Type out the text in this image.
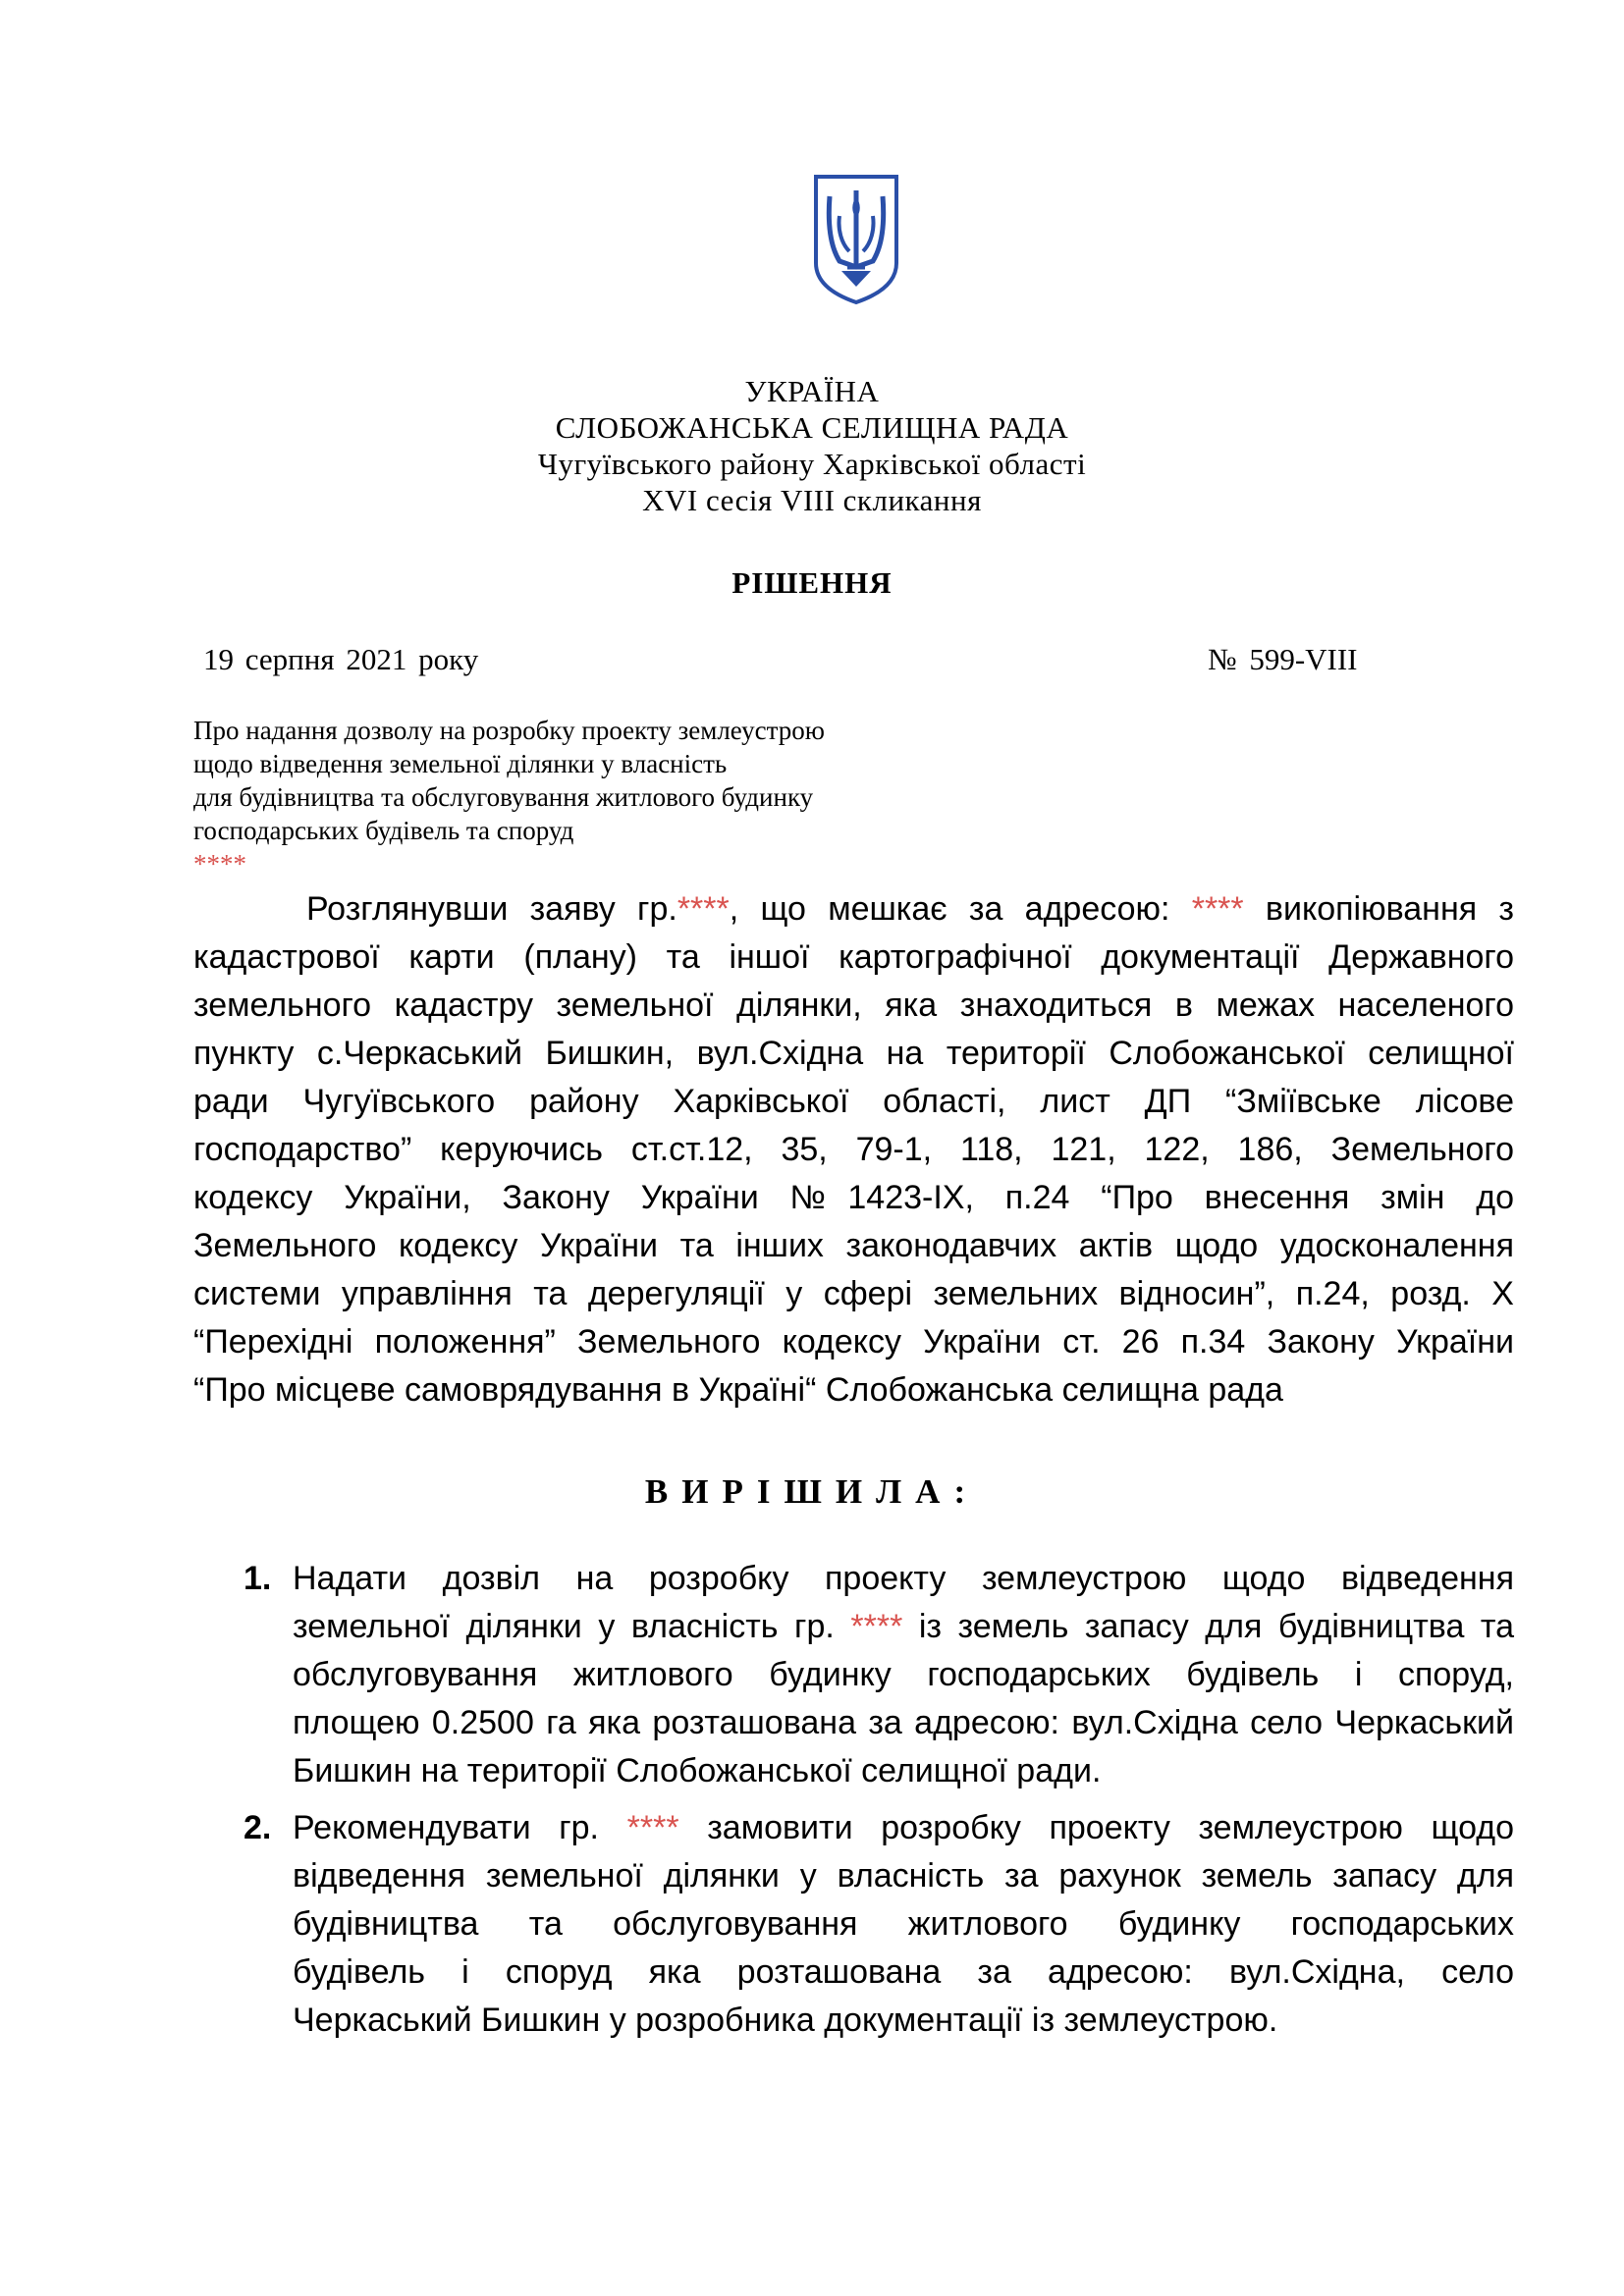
УКРАЇНА
СЛОБОЖАНСЬКА СЕЛИЩНА РАДА
Чугуївського району Харківської області
XVI сесія VIII скликання
РІШЕННЯ
19 серпня 2021 року	№ 599-VIII
Про надання дозволу на розробку проекту землеустрою
щодо відведення земельної ділянки у власність
для будівництва та обслуговування житлового будинку
господарських будівель та споруд
****
Розглянувши заяву гр.****, що мешкає за адресою: **** викопіювання з
кадастрової карти (плану) та іншої картографічної документації Державного
земельного кадастру земельної ділянки, яка знаходиться в межах населеного
пункту с.Черкаський Бишкин, вул.Східна на території Слобожанської селищної
ради Чугуївського району Харківської області, лист ДП “Зміївське лісове
господарство” керуючись ст.ст.12, 35, 79-1, 118, 121, 122, 186, Земельного
кодексу України, Закону України №1423-IX, п.24 “Про внесення змін до
Земельного кодексу України та інших законодавчих актів щодо удосконалення
системи управління та дерегуляції у сфері земельних відносин”, п.24, розд. X
“Перехідні положення” Земельного кодексу України ст. 26 п.34 Закону України
“Про місцеве самоврядування в Україні“ Слобожанська селищна рада
ВИРІШИЛА:
1. Надати дозвіл на розробку проекту землеустрою щодо відведення
земельної ділянки у власність гр. **** із земель запасу для будівництва та
обслуговування житлового будинку господарських будівель і споруд,
площею 0.2500 га яка розташована за адресою: вул.Східна село Черкаський
Бишкин на території Слобожанської селищної ради.
2. Рекомендувати гр. **** замовити розробку проекту землеустрою щодо
відведення земельної ділянки у власність за рахунок земель запасу для
будівництва та обслуговування житлового будинку господарських
будівель і споруд яка розташована за адресою: вул.Східна, село
Черкаський Бишкин у розробника документації із землеустрою.
